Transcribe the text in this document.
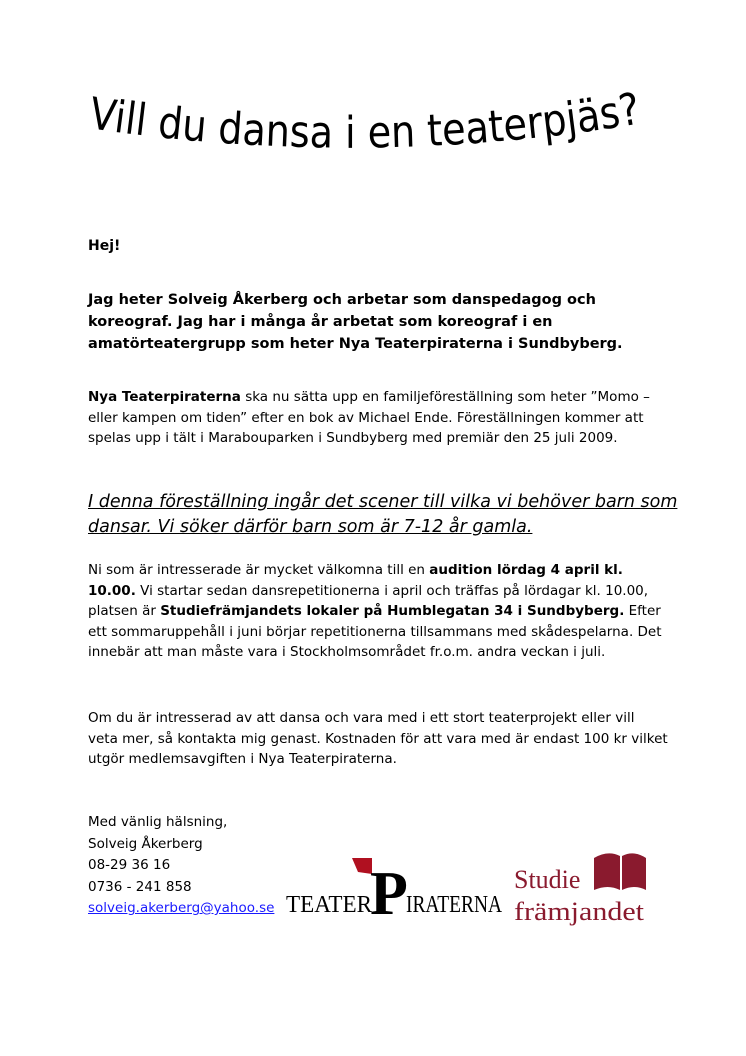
Vill du dansa i en teaterpjäs?
Hej!
Jag heter Solveig Åkerberg och arbetar som danspedagog och koreograf. Jag har i många år arbetat som koreograf i en amatörteatergrupp som heter Nya Teaterpiraterna i Sundbyberg.
Nya Teaterpiraterna ska nu sätta upp en familjeföreställning som heter ”Momo – eller kampen om tiden” efter en bok av Michael Ende. Föreställningen kommer att spelas upp i tält i Marabouparken i Sundbyberg med premiär den 25 juli 2009.
I denna föreställning ingår det scener till vilka vi behöver barn som dansar. Vi söker därför barn som är 7-12 år gamla.
Ni som är intresserade är mycket välkomna till en audition lördag 4 april kl. 10.00. Vi startar sedan dansrepetitionerna i april och träffas på lördagar kl. 10.00, platsen är Studiefrämjandets lokaler på Humblegatan 34 i Sundbyberg. Efter ett sommaruppehåll i juni börjar repetitionerna tillsammans med skådespelarna. Det innebär att man måste vara i Stockholmsområdet fr.o.m. andra veckan i juli.
Om du är intresserad av att dansa och vara med i ett stort teaterprojekt eller vill veta mer, så kontakta mig genast. Kostnaden för att vara med är endast 100 kr vilket utgör medlemsavgiften i Nya Teaterpiraterna.
Med vänlig hälsning,
Solveig Åkerberg
08-29 36 16
0736 - 241 858
solveig.akerberg@yahoo.se TEATER
P
IRATERNA
Studie
främjandet
